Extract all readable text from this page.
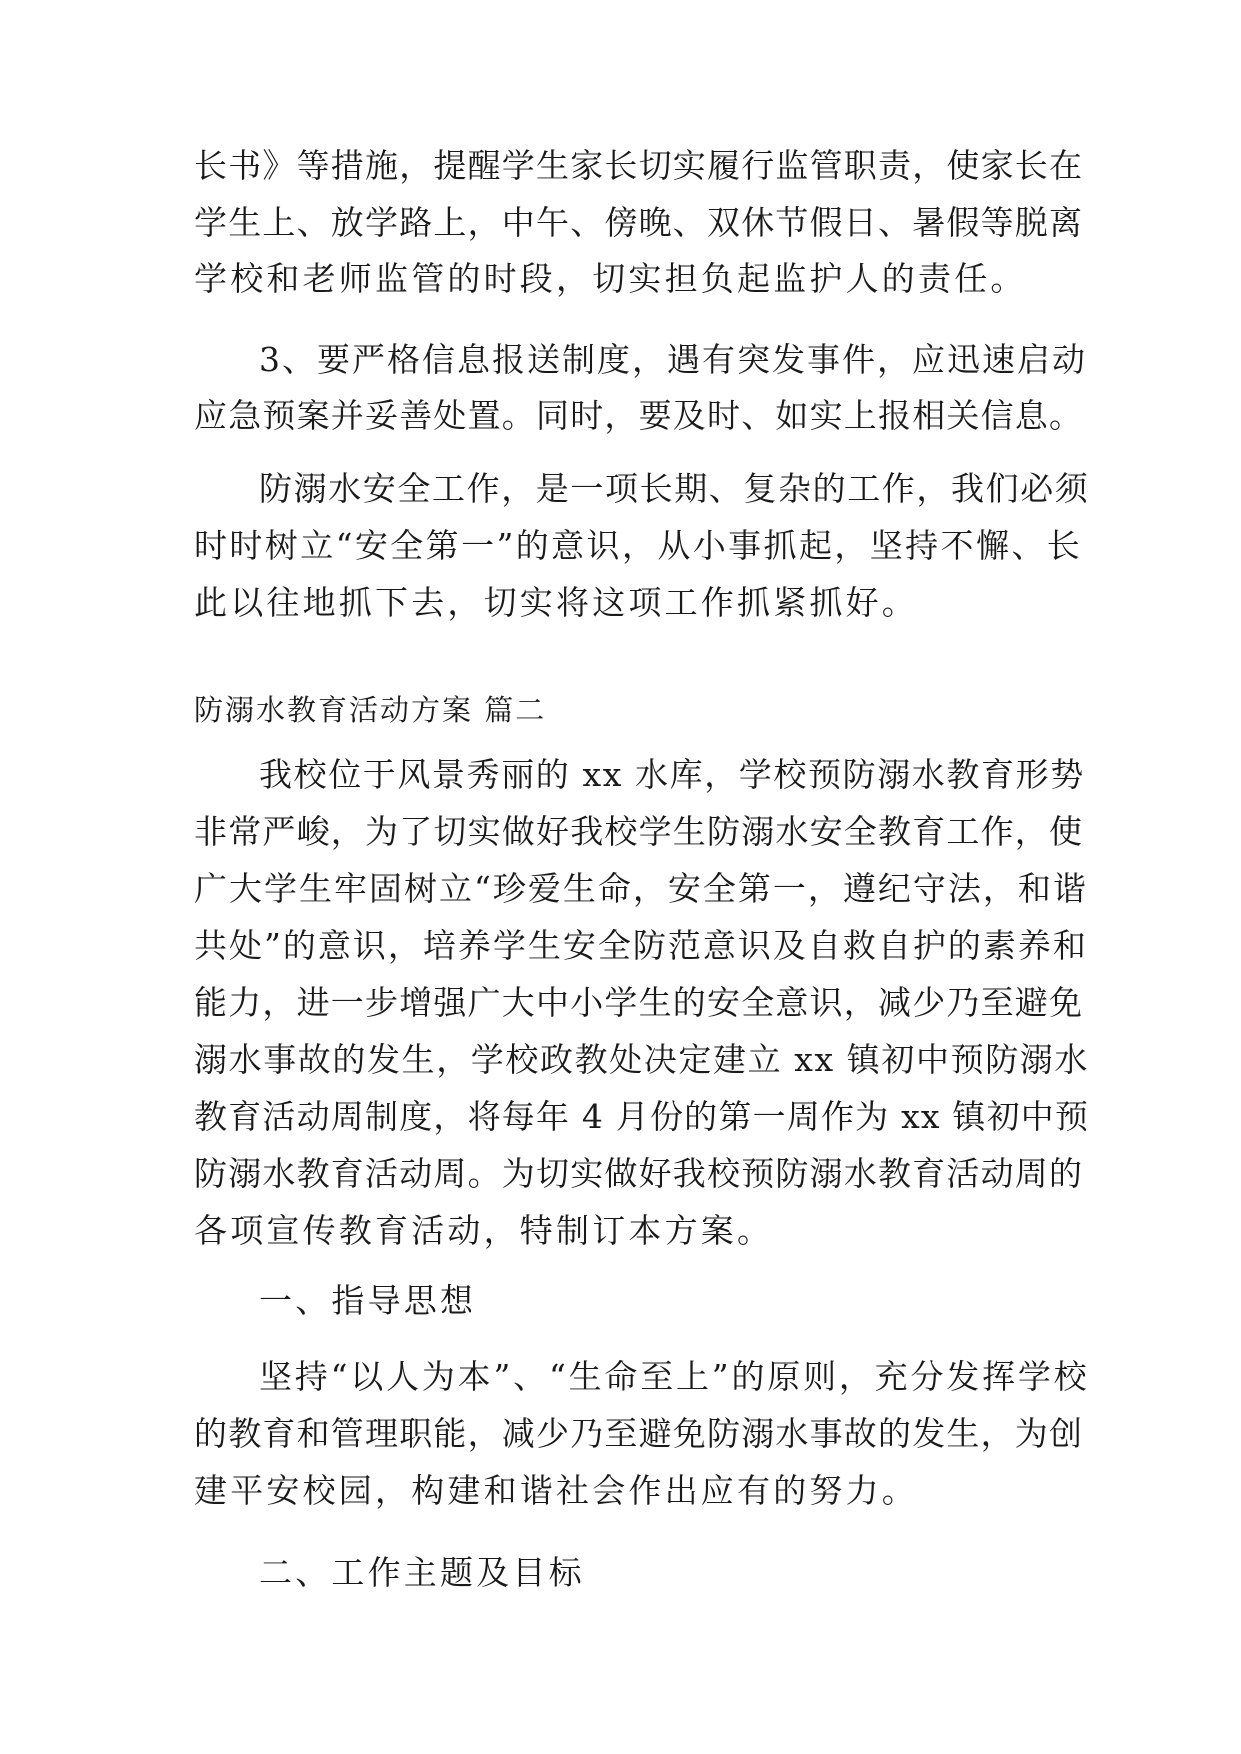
长书》等措施，提醒学生家长切实履行监管职责，使家长在
学生上、放学路上，中午、傍晚、双休节假日、暑假等脱离
学校和老师监管的时段，切实担负起监护人的责任。
3、要严格信息报送制度，遇有突发事件，应迅速启动
应急预案并妥善处置。同时，要及时、如实上报相关信息。
防溺水安全工作，是一项长期、复杂的工作，我们必须
时时树立“安全第一”的意识，从小事抓起，坚持不懈、长
此以往地抓下去，切实将这项工作抓紧抓好。
防溺水教育活动方案 篇二
我校位于风景秀丽的 xx 水库，学校预防溺水教育形势
非常严峻，为了切实做好我校学生防溺水安全教育工作，使
广大学生牢固树立“珍爱生命，安全第一，遵纪守法，和谐
共处”的意识，培养学生安全防范意识及自救自护的素养和
能力，进一步增强广大中小学生的安全意识，减少乃至避免
溺水事故的发生，学校政教处决定建立 xx 镇初中预防溺水
教育活动周制度，将每年 4 月份的第一周作为 xx 镇初中预
防溺水教育活动周。为切实做好我校预防溺水教育活动周的
各项宣传教育活动，特制订本方案。
一、指导思想
坚持“以人为本”、“生命至上”的原则，充分发挥学校
的教育和管理职能，减少乃至避免防溺水事故的发生，为创
建平安校园，构建和谐社会作出应有的努力。
二、工作主题及目标
